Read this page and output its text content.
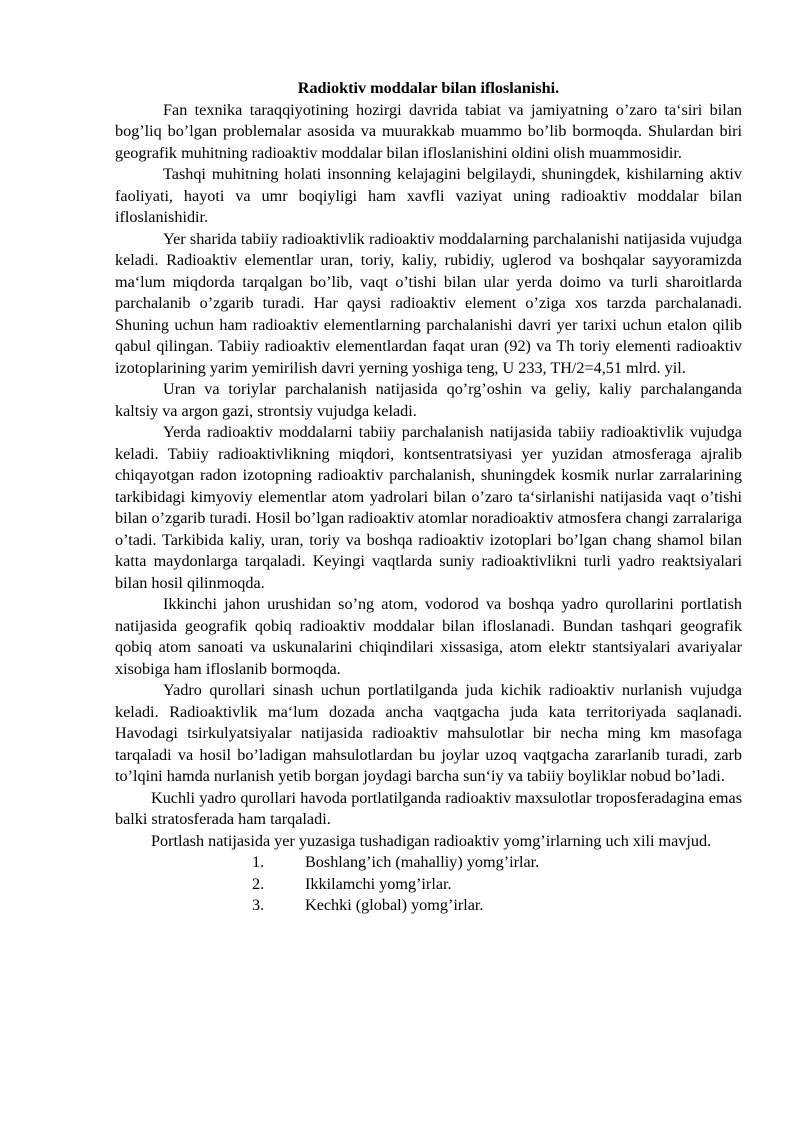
Radioktiv moddalar bilan ifloslanishi.

Fan texnika taraqqiyotining hozirgi davrida tabiat va jamiyatning o’zaro ta‘siri bilan bog’liq bo’lgan problemalar asosida va muurakkab muammo bo’lib bormoqda. Shulardan biri geografik muhitning radioaktiv moddalar bilan ifloslanishini oldini olish muammosidir.

Tashqi muhitning holati insonning kelajagini belgilaydi, shuningdek, kishilarning aktiv faoliyati, hayoti va umr boqiyligi ham xavfli vaziyat uning radioaktiv moddalar bilan ifloslanishidir.

Yer sharida tabiiy radioaktivlik radioaktiv moddalarning parchalanishi natijasida vujudga keladi. Radioaktiv elementlar uran, toriy, kaliy, rubidiy, uglerod va boshqalar sayyoramizda ma‘lum miqdorda tarqalgan bo’lib, vaqt o’tishi bilan ular yerda doimo va turli sharoitlarda parchalanib o’zgarib turadi. Har qaysi radioaktiv element o’ziga xos tarzda parchalanadi. Shuning uchun ham radioaktiv elementlarning parchalanishi davri yer tarixi uchun etalon qilib qabul qilingan. Tabiiy radioaktiv elementlardan faqat uran (92) va Th toriy elementi radioaktiv izotoplarining yarim yemirilish davri yerning yoshiga teng, U 233, TH/2=4,51 mlrd. yil.

Uran va toriylar parchalanish natijasida qo’rg’oshin va geliy, kaliy parchalanganda kaltsiy va argon gazi, strontsiy vujudga keladi.

Yerda radioaktiv moddalarni tabiiy parchalanish natijasida tabiiy radioaktivlik vujudga keladi. Tabiiy radioaktivlikning miqdori, kontsentratsiyasi yer yuzidan atmosferaga ajralib chiqayotgan radon izotopning radioaktiv parchalanish, shuningdek kosmik nurlar zarralarining tarkibidagi kimyoviy elementlar atom yadrolari bilan o’zaro ta‘sirlanishi natijasida vaqt o’tishi bilan o’zgarib turadi. Hosil bo’lgan radioaktiv atomlar noradioaktiv atmosfera changi zarralariga o’tadi. Tarkibida kaliy, uran, toriy va boshqa radioaktiv izotoplari bo’lgan chang shamol bilan katta maydonlarga tarqaladi. Keyingi vaqtlarda suniy radioaktivlikni turli yadro reaktsiyalari bilan hosil qilinmoqda.

Ikkinchi jahon urushidan so’ng atom, vodorod va boshqa yadro qurollarini portlatish natijasida geografik qobiq radioaktiv moddalar bilan ifloslanadi. Bundan tashqari geografik qobiq atom sanoati va uskunalarini chiqindilari xissasiga, atom elektr stantsiyalari avariyalar xisobiga ham ifloslanib bormoqda.

Yadro qurollari sinash uchun portlatilganda juda kichik radioaktiv nurlanish vujudga keladi. Radioaktivlik ma‘lum dozada ancha vaqtgacha juda kata territoriyada saqlanadi. Havodagi tsirkulyatsiyalar natijasida radioaktiv mahsulotlar bir necha ming km masofaga tarqaladi va hosil bo’ladigan mahsulotlardan bu joylar uzoq vaqtgacha zararlanib turadi, zarb to’lqini hamda nurlanish yetib borgan joydagi barcha sun‘iy va tabiiy boyliklar nobud bo’ladi.

Kuchli yadro qurollari havoda portlatilganda radioaktiv maxsulotlar troposferadagina emas balki stratosferada ham tarqaladi.

Portlash natijasida yer yuzasiga tushadigan radioaktiv yomg’irlarning uch xili mavjud.

1.	Boshlang’ich (mahalliy) yomg’irlar.
2.	Ikkilamchi yomg’irlar.
3.	Kechki (global) yomg’irlar.
